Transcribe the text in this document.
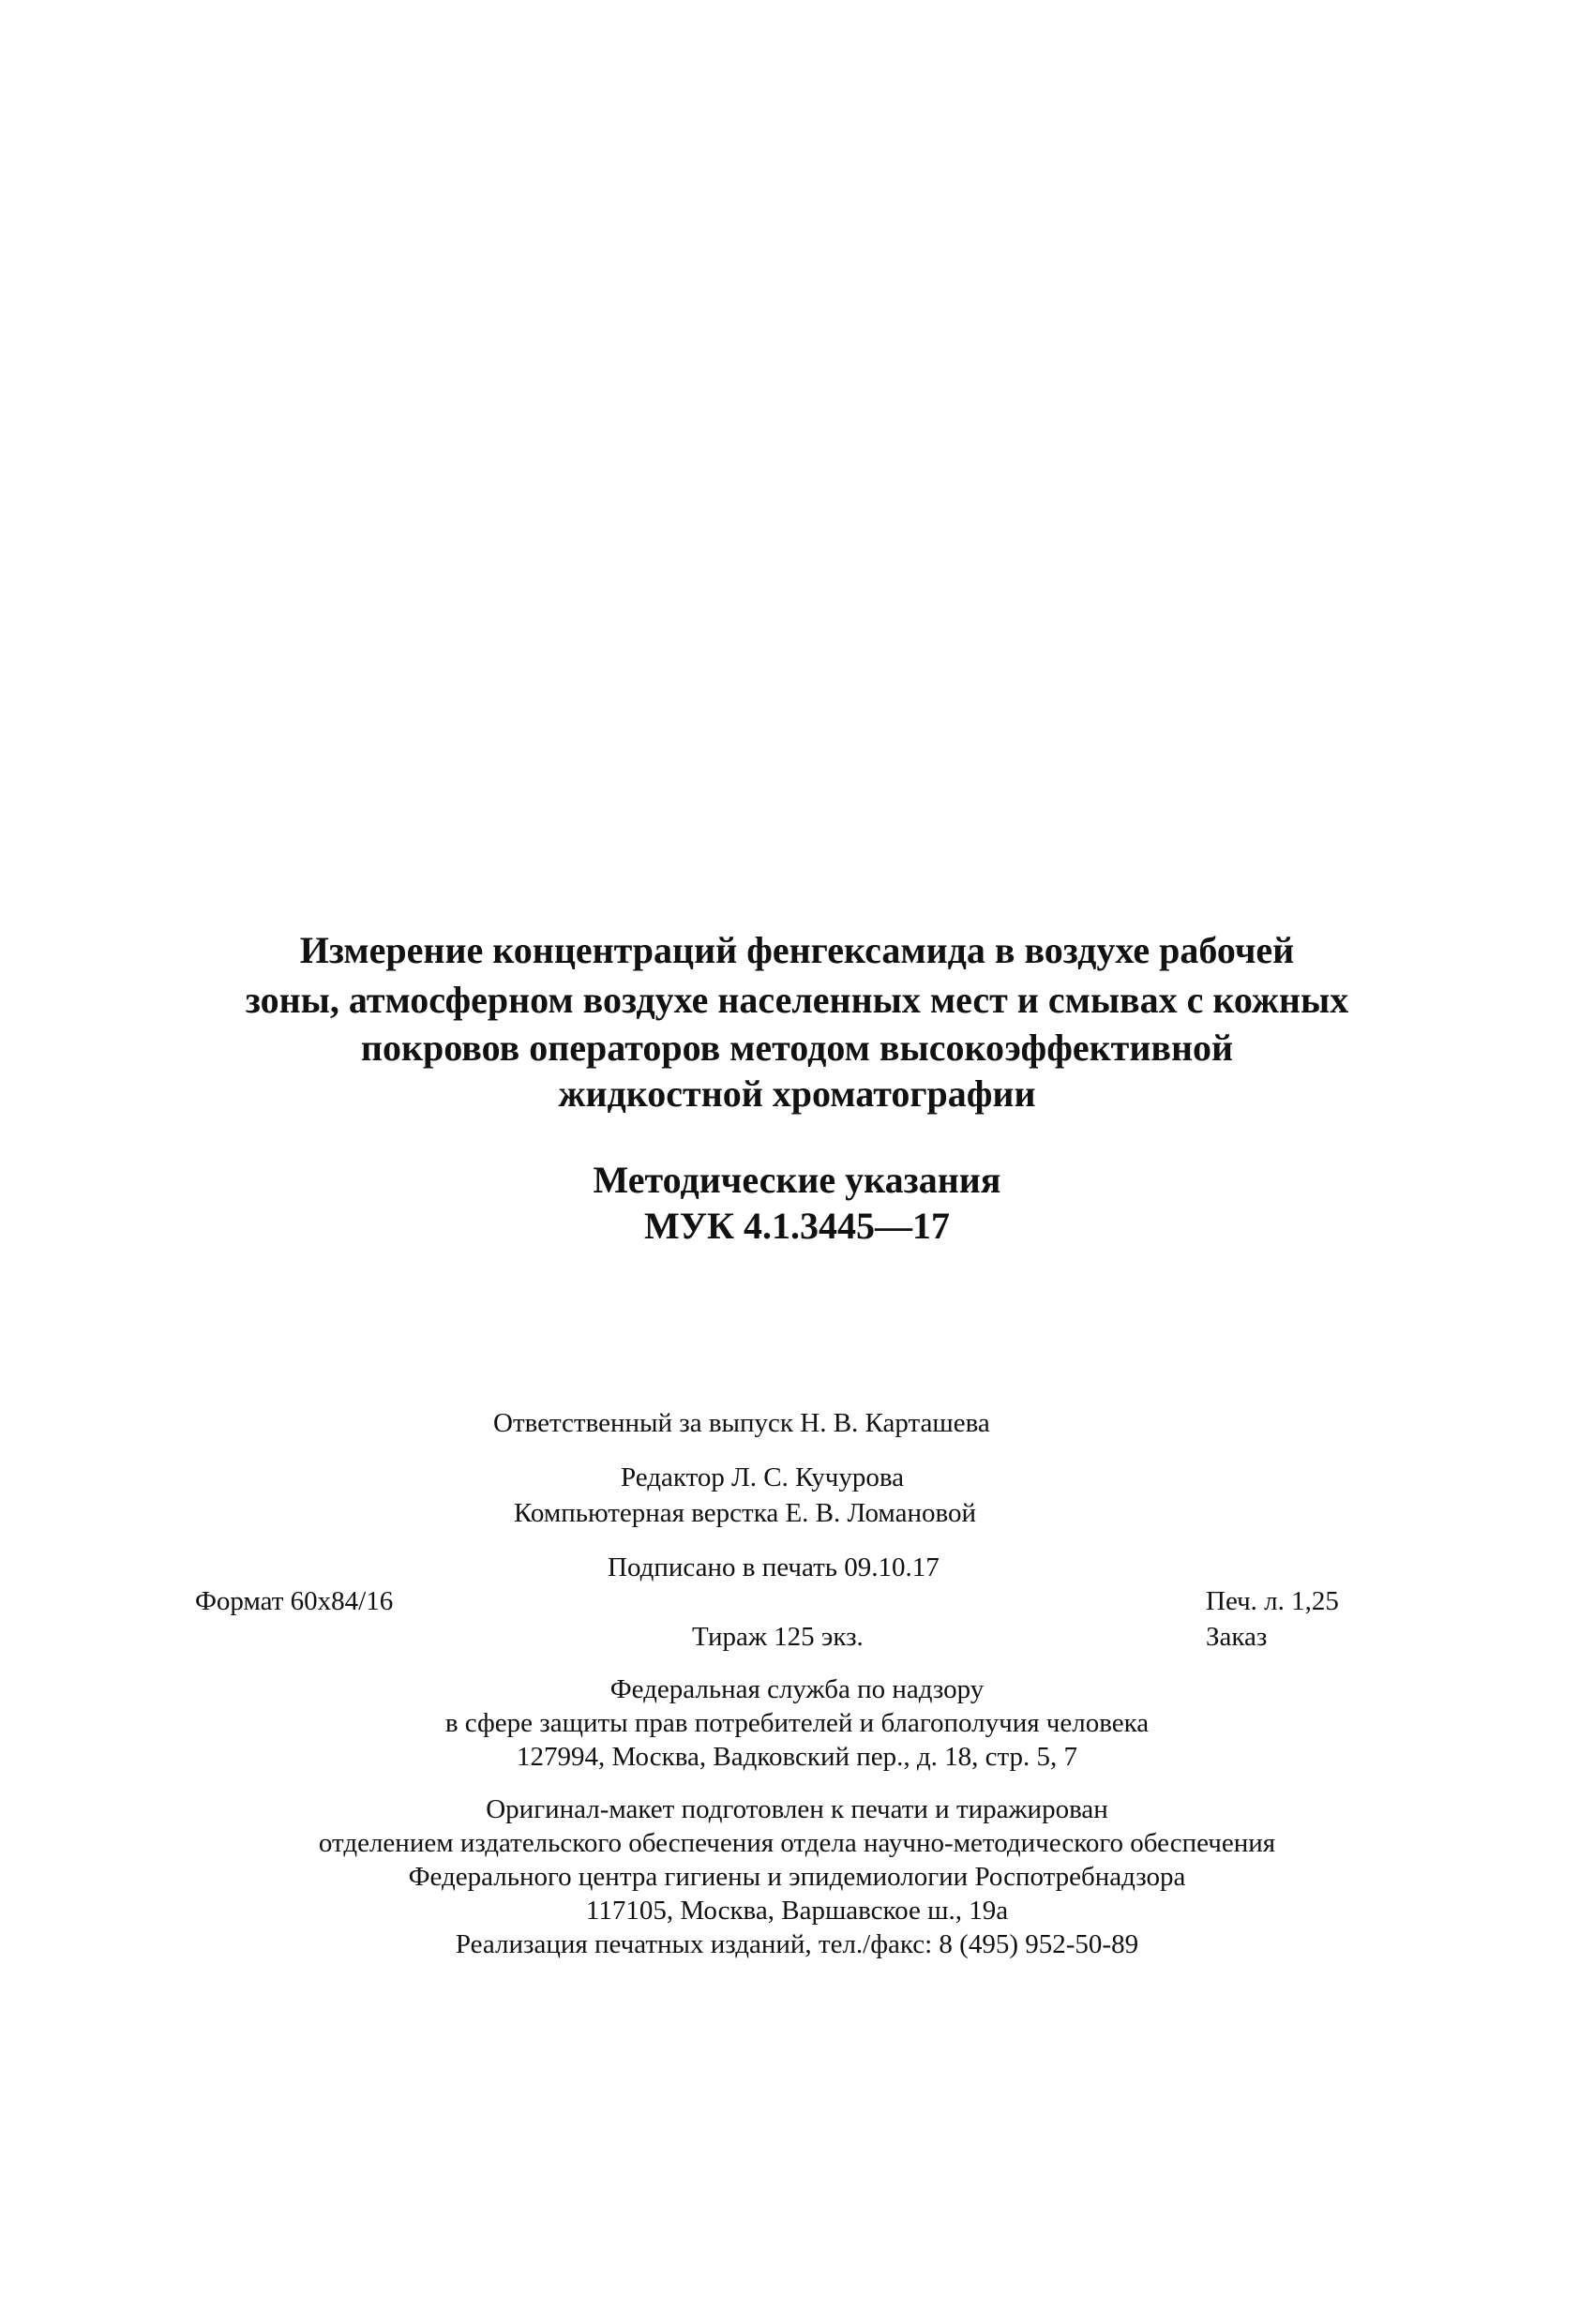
Измерение концентраций фенгексамида в воздухе рабочей

зоны, атмосферном воздухе населенных мест и смывах с кожных

покровов операторов методом высокоэффективной

жидкостной хроматографии

Методические указания

МУК 4.1.3445—17

Ответственный за выпуск Н. В. Карташева

Редактор Л. С. Кучурова

Компьютерная верстка Е. В. Ломановой

Подписано в печать 09.10.17

Формат 60x84/16	Печ. л. 1,25

Тираж 125 экз.	Заказ

Федеральная служба по надзору

в сфере защиты прав потребителей и благополучия человека

127994, Москва, Вадковский пер., д. 18, стр. 5, 7

Оригинал-макет подготовлен к печати и тиражирован

отделением издательского обеспечения отдела научно-методического обеспечения

Федерального центра гигиены и эпидемиологии Роспотребнадзора

117105, Москва, Варшавское ш., 19а

Реализация печатных изданий, тел./факс: 8 (495) 952-50-89
